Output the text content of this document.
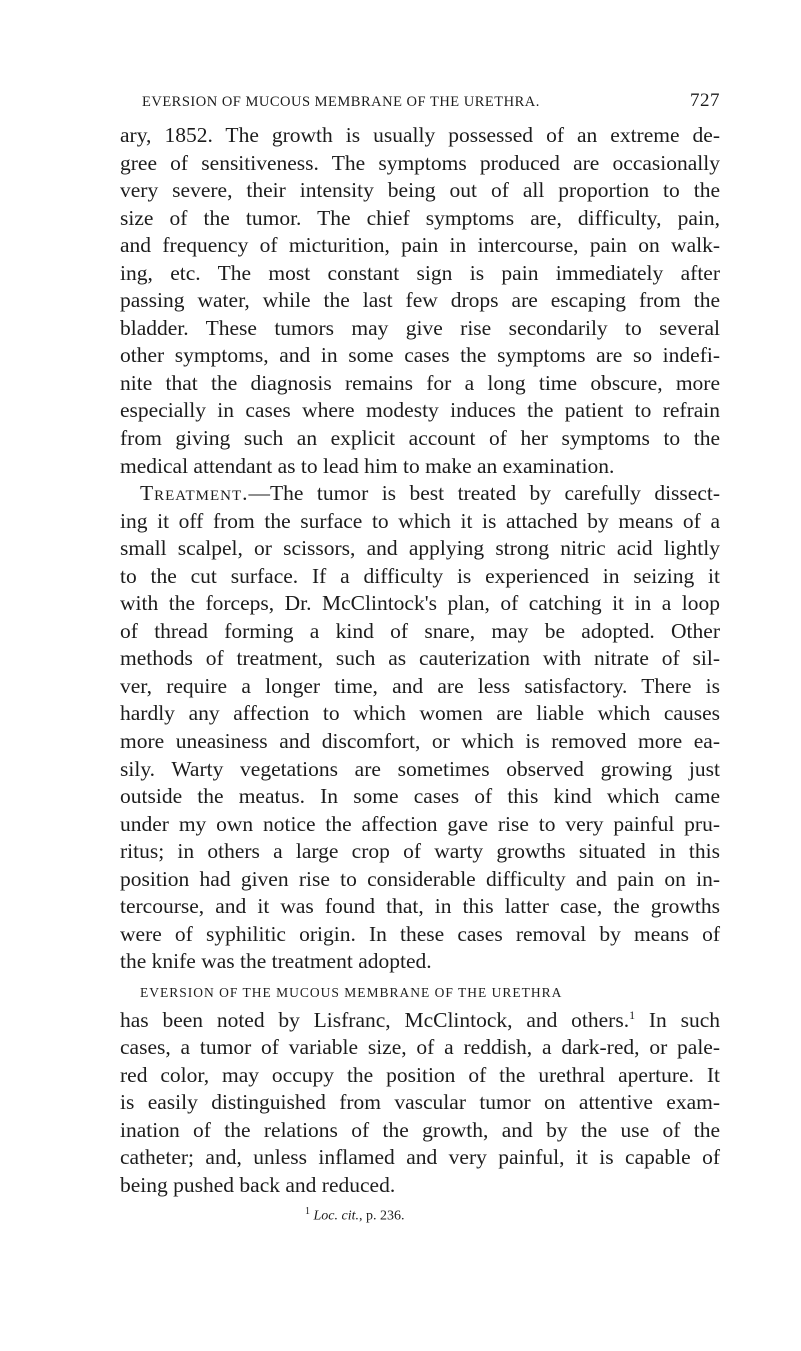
EVERSION OF MUCOUS MEMBRANE OF THE URETHRA.	727
ary, 1852. The growth is usually possessed of an extreme de-
gree of sensitiveness. The symptoms produced are occasionally
very severe, their intensity being out of all proportion to the
size of the tumor. The chief symptoms are, difficulty, pain,
and frequency of micturition, pain in intercourse, pain on walk-
ing, etc. The most constant sign is pain immediately after
passing water, while the last few drops are escaping from the
bladder. These tumors may give rise secondarily to several
other symptoms, and in some cases the symptoms are so indefi-
nite that the diagnosis remains for a long time obscure, more
especially in cases where modesty induces the patient to refrain
from giving such an explicit account of her symptoms to the
medical attendant as to lead him to make an examination.
Treatment.—The tumor is best treated by carefully dissect-
ing it off from the surface to which it is attached by means of a
small scalpel, or scissors, and applying strong nitric acid lightly
to the cut surface. If a difficulty is experienced in seizing it
with the forceps, Dr. McClintock's plan, of catching it in a loop
of thread forming a kind of snare, may be adopted. Other
methods of treatment, such as cauterization with nitrate of sil-
ver, require a longer time, and are less satisfactory. There is
hardly any affection to which women are liable which causes
more uneasiness and discomfort, or which is removed more ea-
sily. Warty vegetations are sometimes observed growing just
outside the meatus. In some cases of this kind which came
under my own notice the affection gave rise to very painful pru-
ritus; in others a large crop of warty growths situated in this
position had given rise to considerable difficulty and pain on in-
tercourse, and it was found that, in this latter case, the growths
were of syphilitic origin. In these cases removal by means of
the knife was the treatment adopted.
EVERSION OF THE MUCOUS MEMBRANE OF THE URETHRA
has been noted by Lisfranc, McClintock, and others.$^1$ In such
cases, a tumor of variable size, of a reddish, a dark-red, or pale-
red color, may occupy the position of the urethral aperture. It
is easily distinguished from vascular tumor on attentive exam-
ination of the relations of the growth, and by the use of the
catheter; and, unless inflamed and very painful, it is capable of
being pushed back and reduced.
$^1$ Loc. cit., p. 236.
